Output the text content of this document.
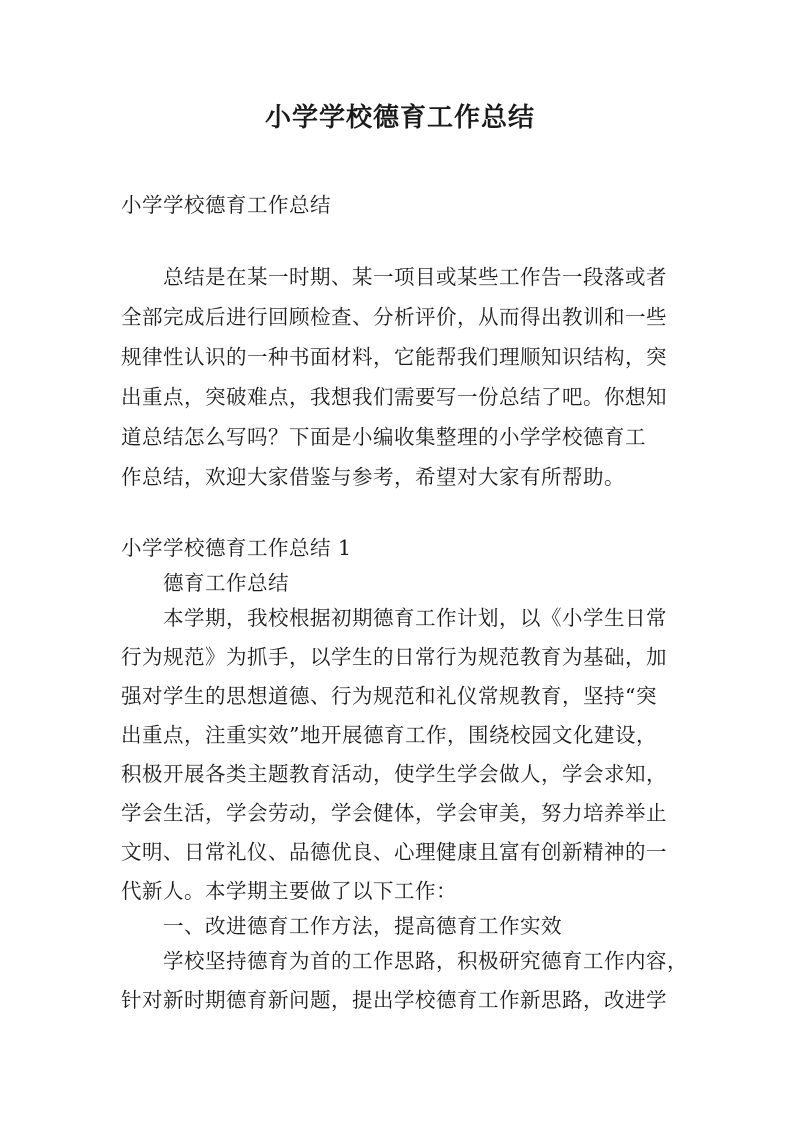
小学学校德育工作总结

小学学校德育工作总结

总结是在某一时期、某一项目或某些工作告一段落或者

全部完成后进行回顾检查、分析评价，从而得出教训和一些

规律性认识的一种书面材料，它能帮我们理顺知识结构，突

出重点，突破难点，我想我们需要写一份总结了吧。你想知

道总结怎么写吗？下面是小编收集整理的小学学校德育工

作总结，欢迎大家借鉴与参考，希望对大家有所帮助。

小学学校德育工作总结 1

德育工作总结

本学期，我校根据初期德育工作计划，以《小学生日常

行为规范》为抓手，以学生的日常行为规范教育为基础，加

强对学生的思想道德、行为规范和礼仪常规教育，坚持“突

出重点，注重实效”地开展德育工作，围绕校园文化建设，

积极开展各类主题教育活动，使学生学会做人，学会求知，

学会生活，学会劳动，学会健体，学会审美，努力培养举止

文明、日常礼仪、品德优良、心理健康且富有创新精神的一

代新人。本学期主要做了以下工作：

一、改进德育工作方法，提高德育工作实效

学校坚持德育为首的工作思路，积极研究德育工作内容，

针对新时期德育新问题，提出学校德育工作新思路，改进学
